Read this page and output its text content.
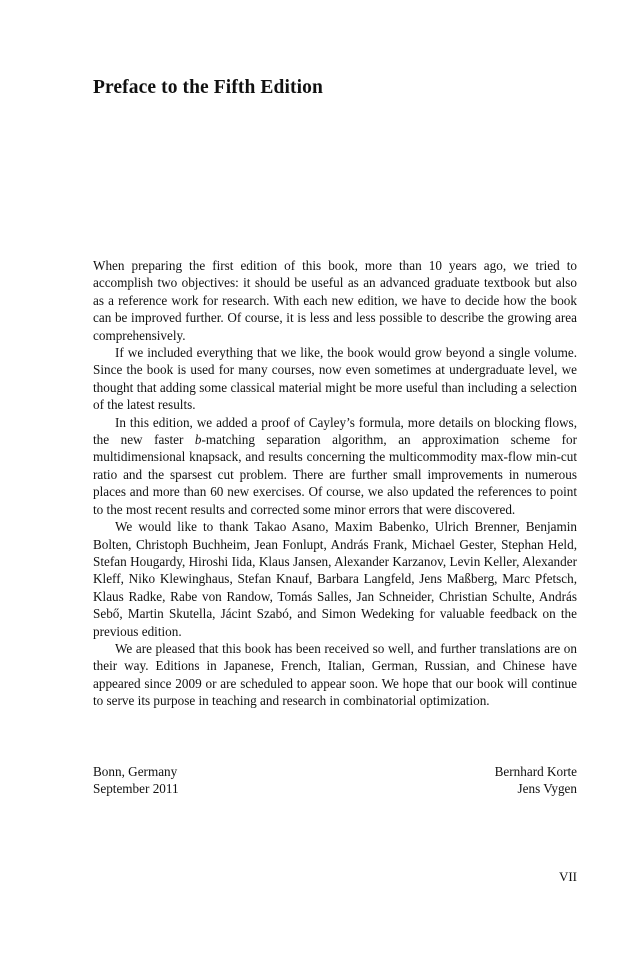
Preface to the Fifth Edition

When preparing the first edition of this book, more than 10 years ago, we tried to accomplish two objectives: it should be useful as an advanced graduate textbook but also as a reference work for research. With each new edition, we have to decide how the book can be improved further. Of course, it is less and less possible to describe the growing area comprehensively.

If we included everything that we like, the book would grow beyond a single volume. Since the book is used for many courses, now even sometimes at undergraduate level, we thought that adding some classical material might be more useful than including a selection of the latest results.

In this edition, we added a proof of Cayley’s formula, more details on blocking flows, the new faster b-matching separation algorithm, an approximation scheme for multidimensional knapsack, and results concerning the multicommodity max-flow min-cut ratio and the sparsest cut problem. There are further small improvements in numerous places and more than 60 new exercises. Of course, we also updated the references to point to the most recent results and corrected some minor errors that were discovered.

We would like to thank Takao Asano, Maxim Babenko, Ulrich Brenner, Benjamin Bolten, Christoph Buchheim, Jean Fonlupt, András Frank, Michael Gester, Stephan Held, Stefan Hougardy, Hiroshi Iida, Klaus Jansen, Alexander Karzanov, Levin Keller, Alexander Kleff, Niko Klewinghaus, Stefan Knauf, Barbara Langfeld, Jens Maßberg, Marc Pfetsch, Klaus Radke, Rabe von Randow, Tomás Salles, Jan Schneider, Christian Schulte, András Sebő, Martin Skutella, Jácint Szabó, and Simon Wedeking for valuable feedback on the previous edition.

We are pleased that this book has been received so well, and further translations are on their way. Editions in Japanese, French, Italian, German, Russian, and Chinese have appeared since 2009 or are scheduled to appear soon. We hope that our book will continue to serve its purpose in teaching and research in combinatorial optimization.

Bonn, Germany
September 2011
Bernhard Korte
Jens Vygen
VII
